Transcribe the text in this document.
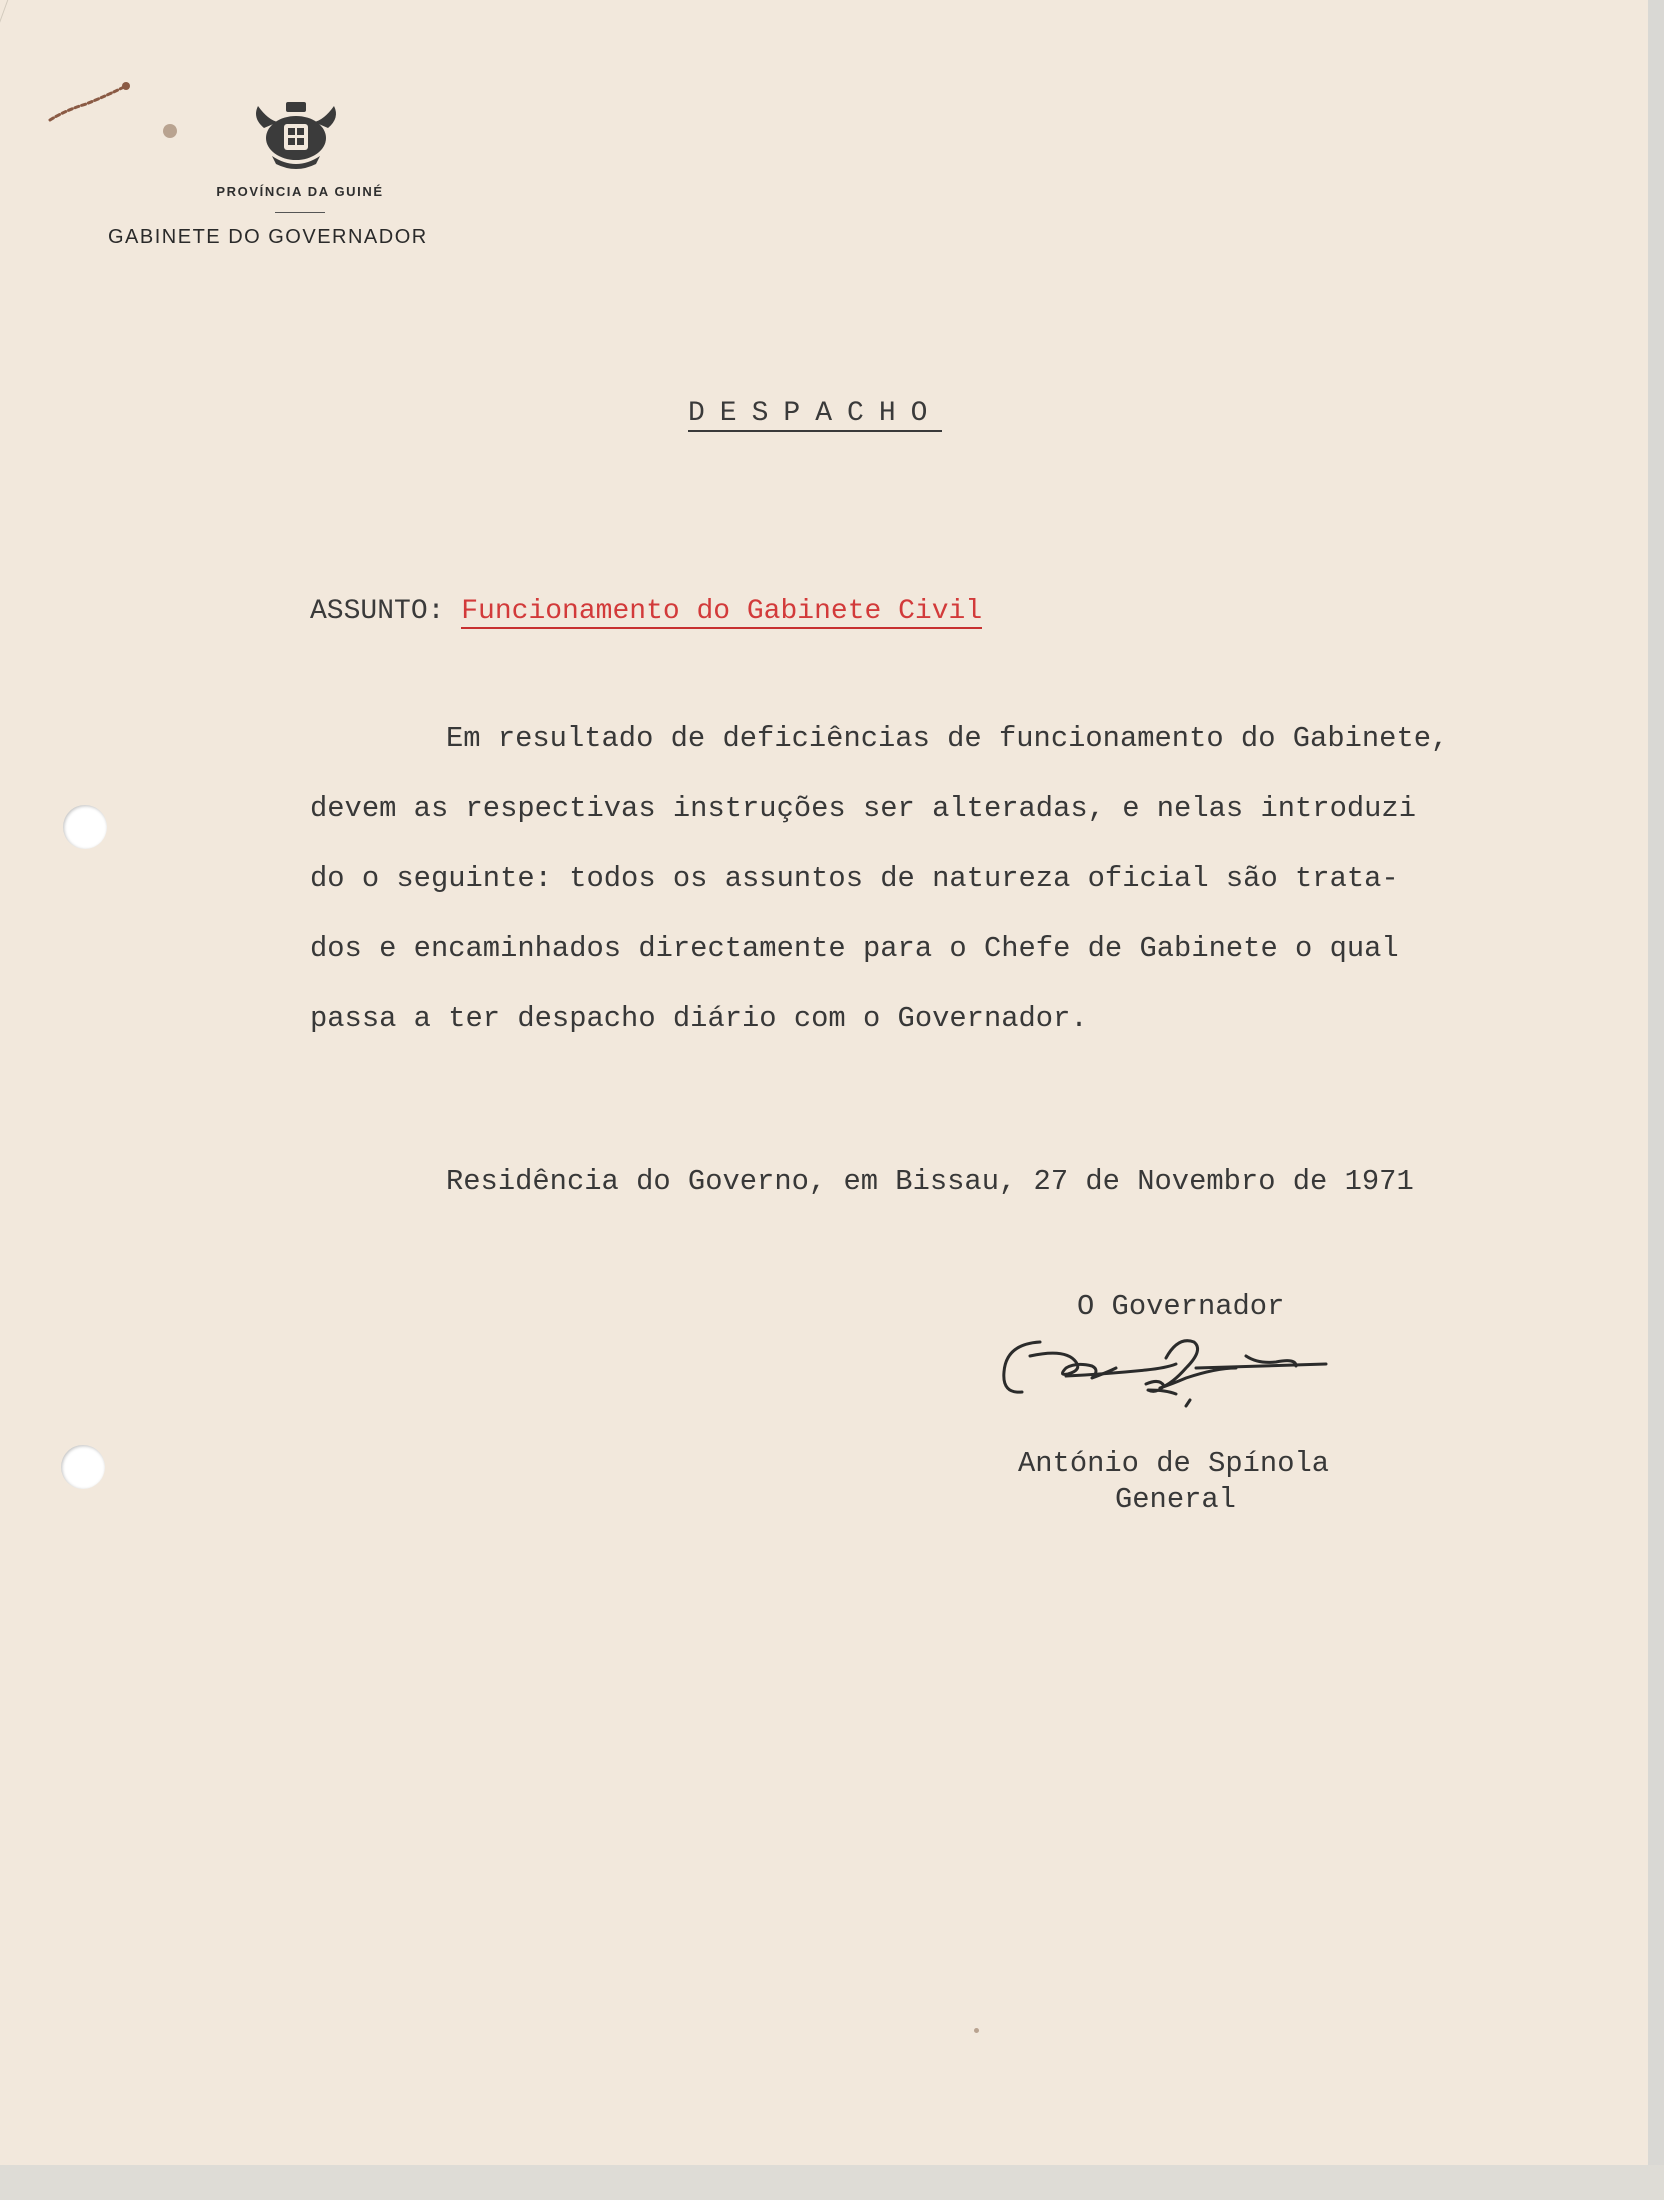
PROVÍNCIA DA GUINÉ
GABINETE DO GOVERNADOR
DESPACHO
ASSUNTO: Funcionamento do Gabinete Civil
Em resultado de deficiências de funcionamento do Gabinete,
devem as respectivas instruções ser alteradas, e nelas introduzi
do o seguinte: todos os assuntos de natureza oficial são trata-
dos e encaminhados directamente para o Chefe de Gabinete o qual
passa a ter despacho diário com o Governador.
Residência do Governo, em Bissau, 27 de Novembro de 1971
O Governador
António de Spínola
General
